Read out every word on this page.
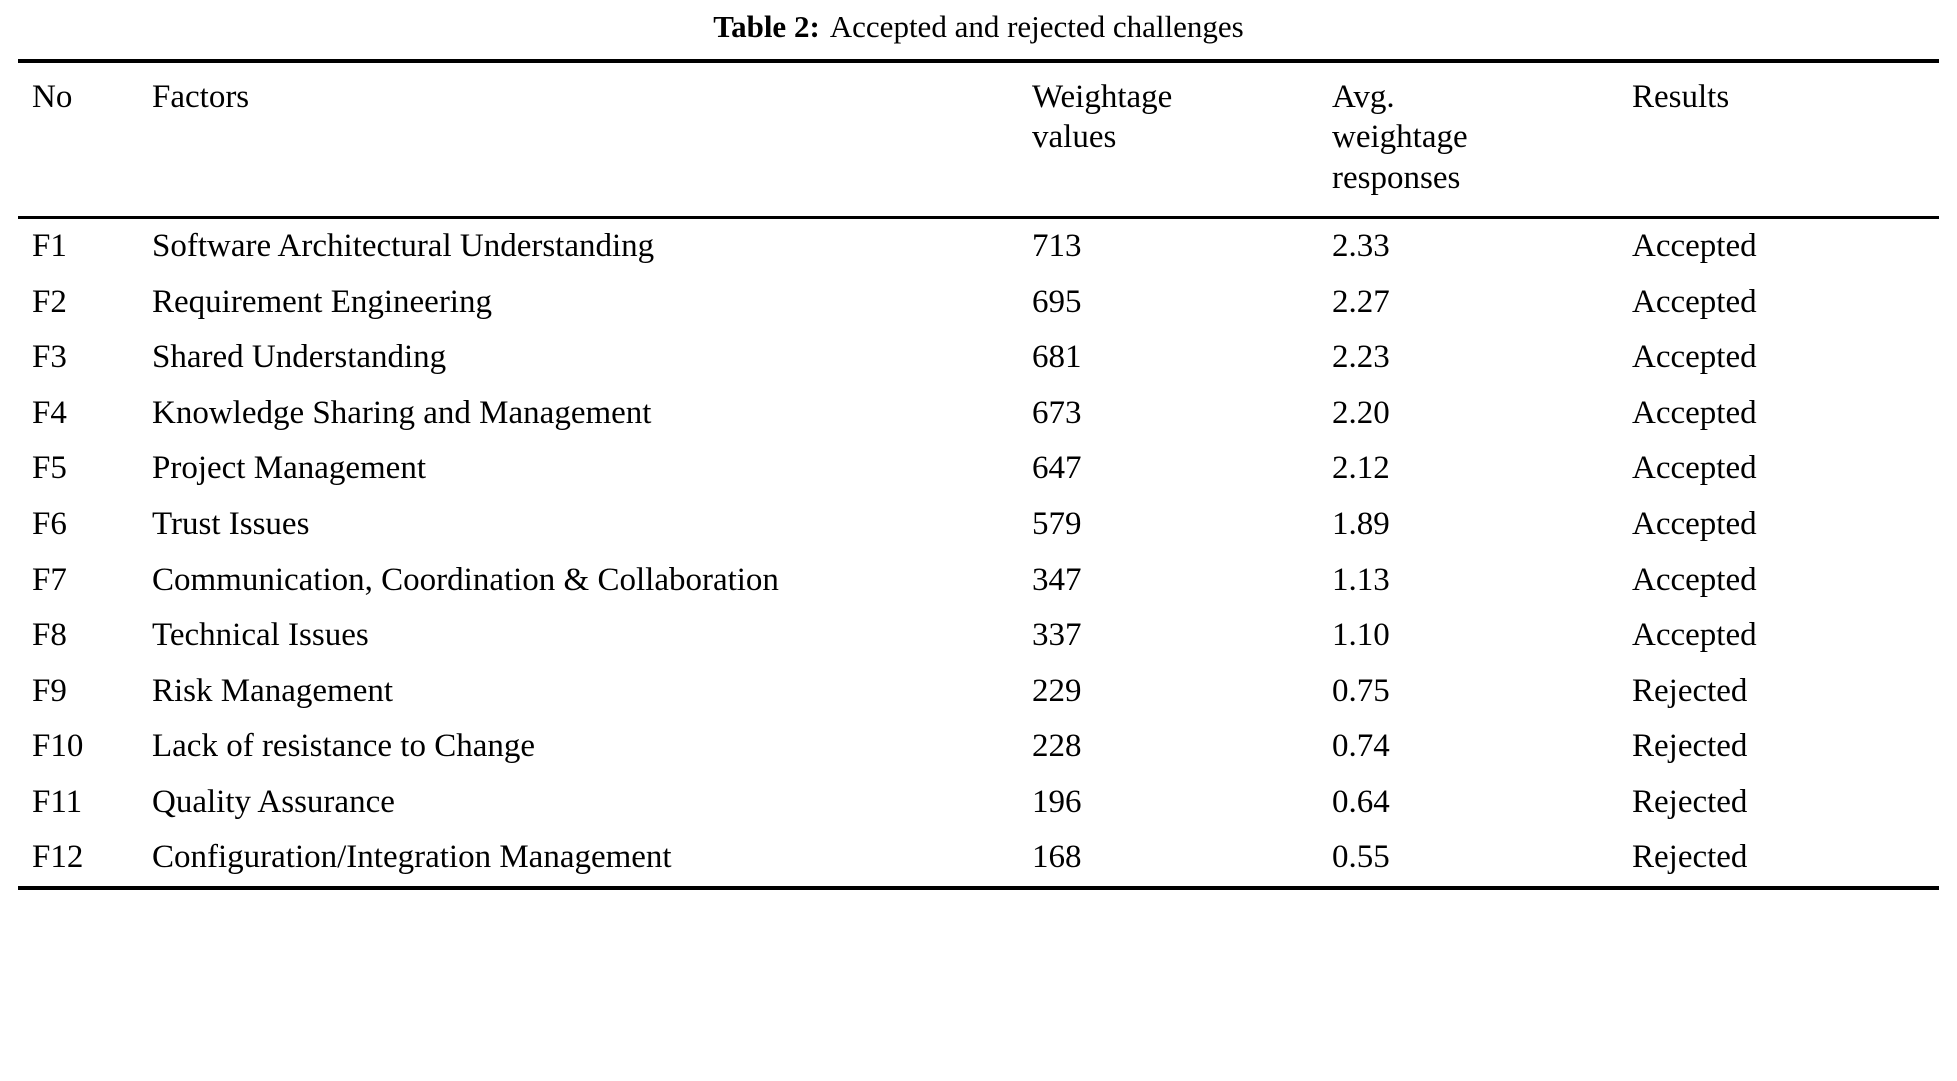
Table 2: Accepted and rejected challenges
No	Factors	Weightage values	Avg. weightage responses	Results

F1	Software Architectural Understanding	713	2.33	Accepted
F2	Requirement Engineering	695	2.27	Accepted
F3	Shared Understanding	681	2.23	Accepted
F4	Knowledge Sharing and Management	673	2.20	Accepted
F5	Project Management	647	2.12	Accepted
F6	Trust Issues	579	1.89	Accepted
F7	Communication, Coordination & Collaboration	347	1.13	Accepted
F8	Technical Issues	337	1.10	Accepted
F9	Risk Management	229	0.75	Rejected
F10	Lack of resistance to Change	228	0.74	Rejected
F11	Quality Assurance	196	0.64	Rejected
F12	Configuration/Integration Management	168	0.55	Rejected
